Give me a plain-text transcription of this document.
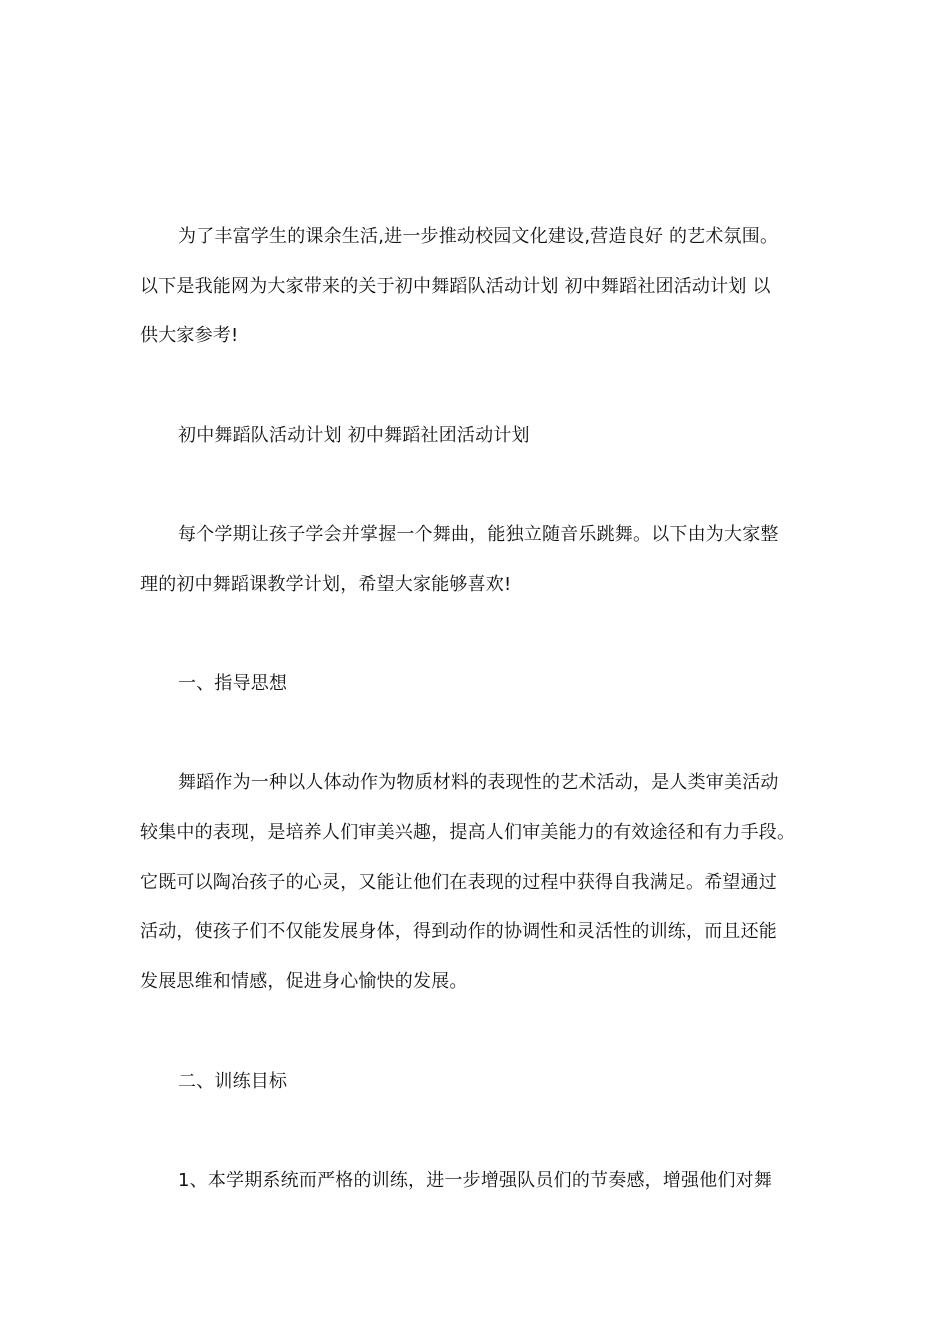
为了丰富学生的课余生活,进一步推动校园文化建设,营造良好 的艺术氛围。
以下是我能网为大家带来的关于初中舞蹈队活动计划 初中舞蹈社团活动计划 以
供大家参考!
初中舞蹈队活动计划 初中舞蹈社团活动计划
每个学期让孩子学会并掌握一个舞曲，能独立随音乐跳舞。以下由为大家整
理的初中舞蹈课教学计划，希望大家能够喜欢!
一、指导思想
舞蹈作为一种以人体动作为物质材料的表现性的艺术活动，是人类审美活动
较集中的表现，是培养人们审美兴趣，提高人们审美能力的有效途径和有力手段。
它既可以陶冶孩子的心灵，又能让他们在表现的过程中获得自我满足。希望通过
活动，使孩子们不仅能发展身体，得到动作的协调性和灵活性的训练，而且还能
发展思维和情感，促进身心愉快的发展。
二、训练目标
1、本学期系统而严格的训练，进一步增强队员们的节奏感，增强他们对舞
